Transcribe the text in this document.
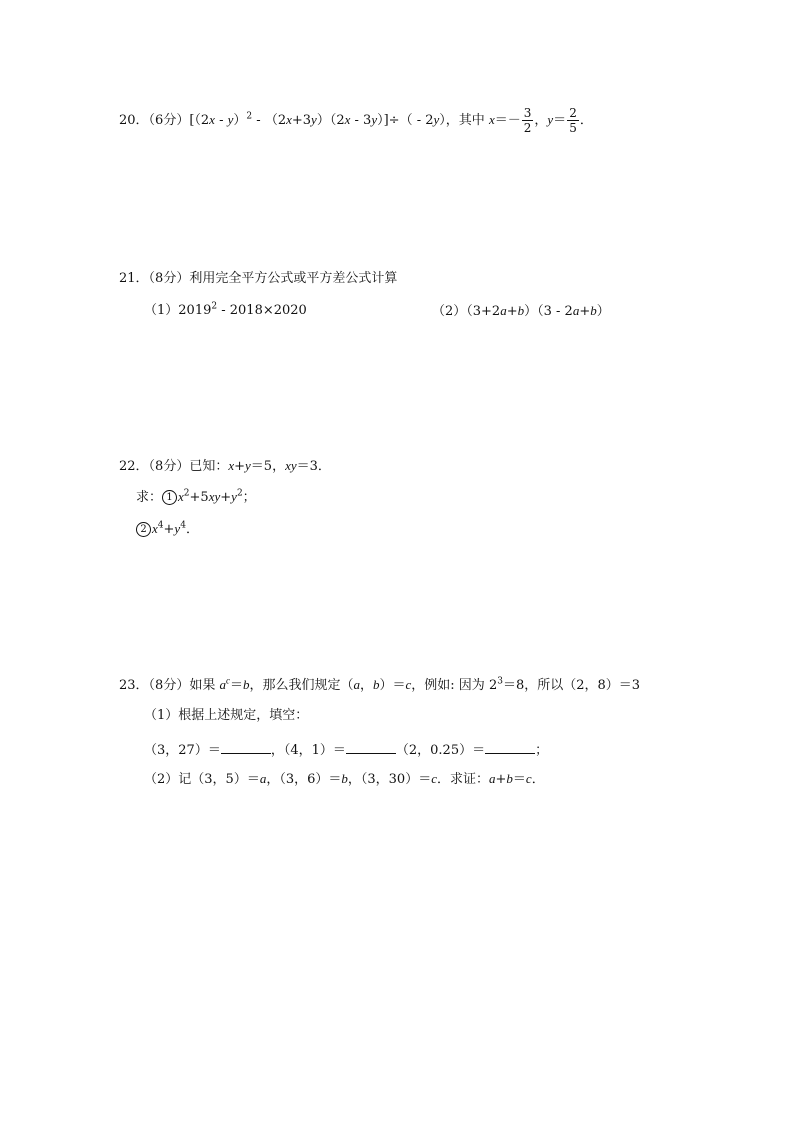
20．（6分）[（2x - y）$^2$ - （2x+3y）（2x - 3y）]÷（ - 2y），其中 $x=- \frac{3}{2}$ ，$y= \frac{2}{5}$ ．
21．（8分）利用完全平方公式或平方差公式计算
（1）2019$^2$ - 2018×2020	（2）（3+2a+b）（3 - 2a+b）
22．（8分）已知：x+y＝5，xy＝3．
求： 1 $x^2+5xy+y^2$；
2 $x^4+y^4$．
23．（8分）如果 $a^c=b$，那么我们规定（a，b）＝c，例如: 因为 $2^3=8$，所以（2，8）＝3
（1）根据上述规定，填空：
（3，27）＝	，（4，1）＝	（2，0.25）＝	；
（2）记（3，5）＝a，（3，6）＝b，（3，30）＝c．求证：a+b＝c．
